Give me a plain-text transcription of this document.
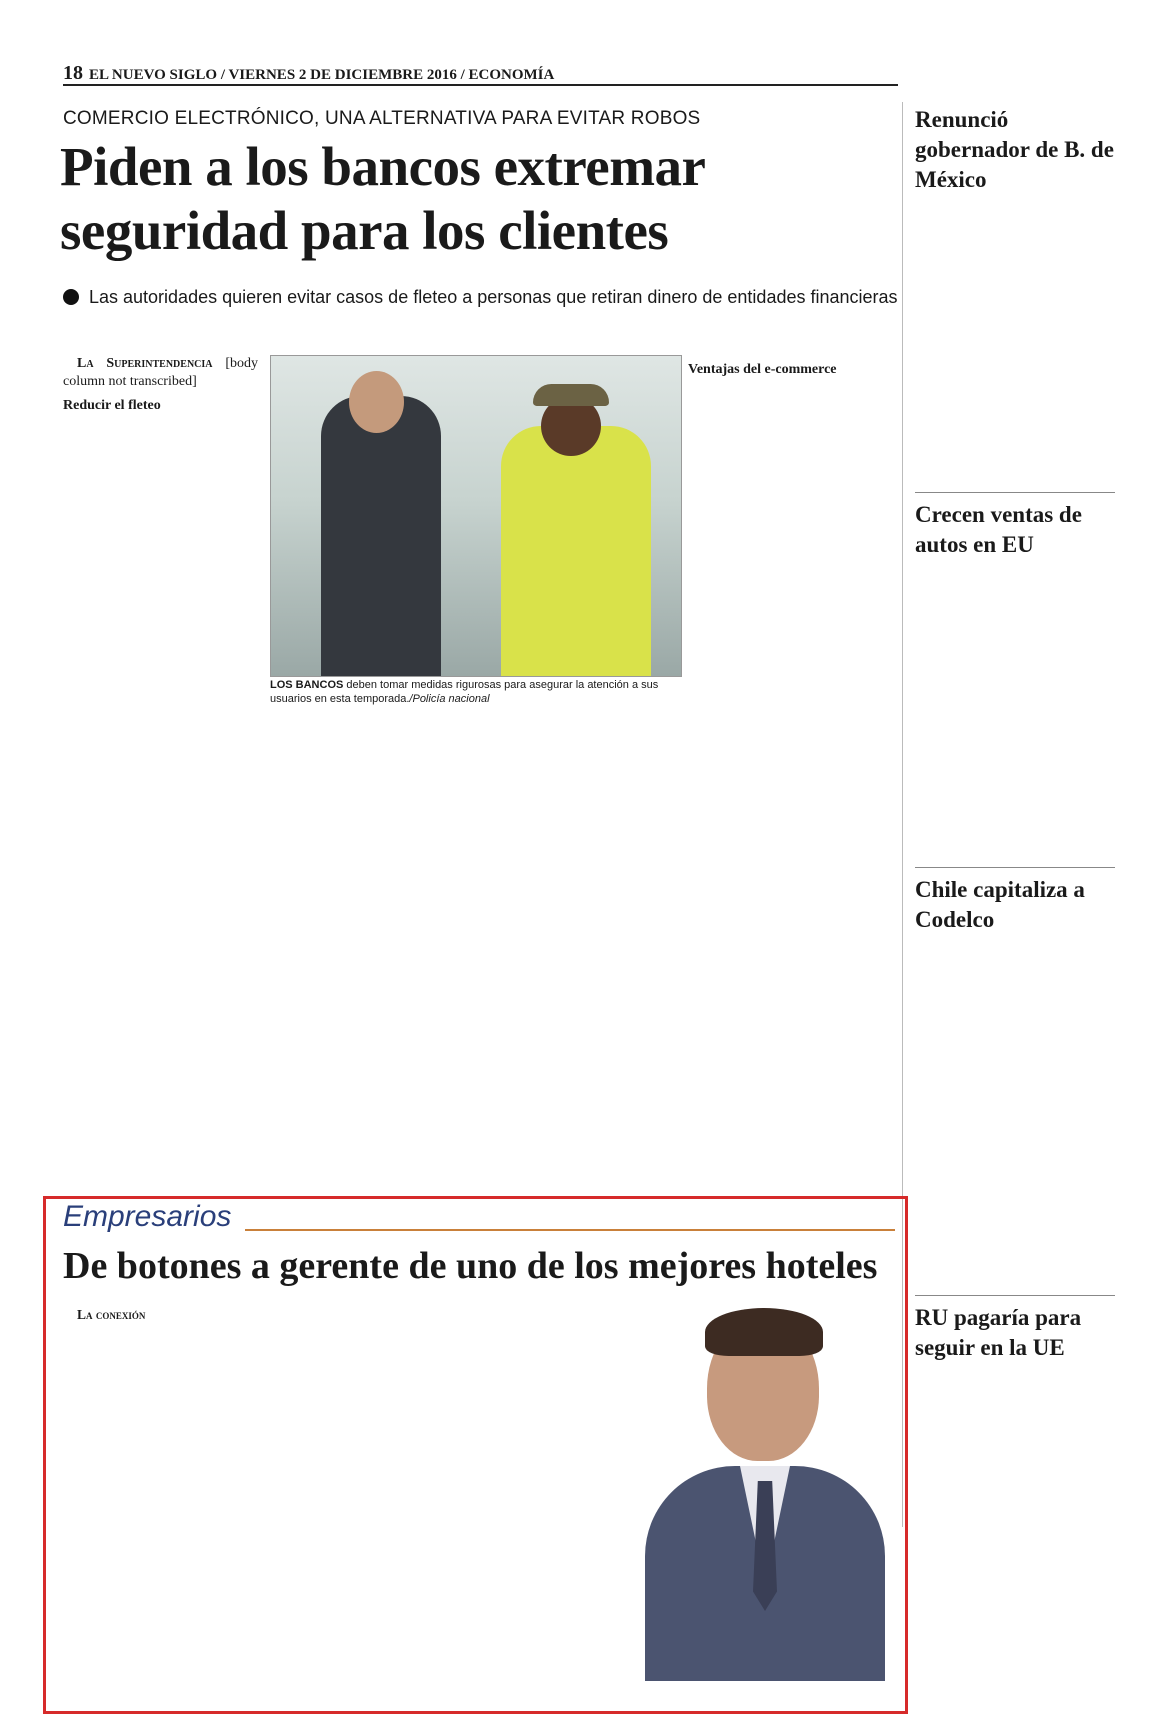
18 EL NUEVO SIGLO / VIERNES 2 DE DICIEMBRE 2016 / ECONOMÍA
COMERCIO ELECTRÓNICO, UNA ALTERNATIVA PARA EVITAR ROBOS
Piden a los bancos extremar seguridad para los clientes
Las autoridades quieren evitar casos de fleteo a personas que retiran dinero de entidades financieras

La Superintendencia [body column not transcribed]

Reducir el fleteo

LOS BANCOS deben tomar medidas rigurosas para asegurar la atención a sus usuarios en esta temporada./Policía nacional

Ventajas del e-commerce

Renunció gobernador de B. de México

Crecen ventas de autos en EU

Chile capitaliza a Codelco

RU pagaría para seguir en la UE

Empresarios
De botones a gerente de uno de los mejores hoteles

La conexión
